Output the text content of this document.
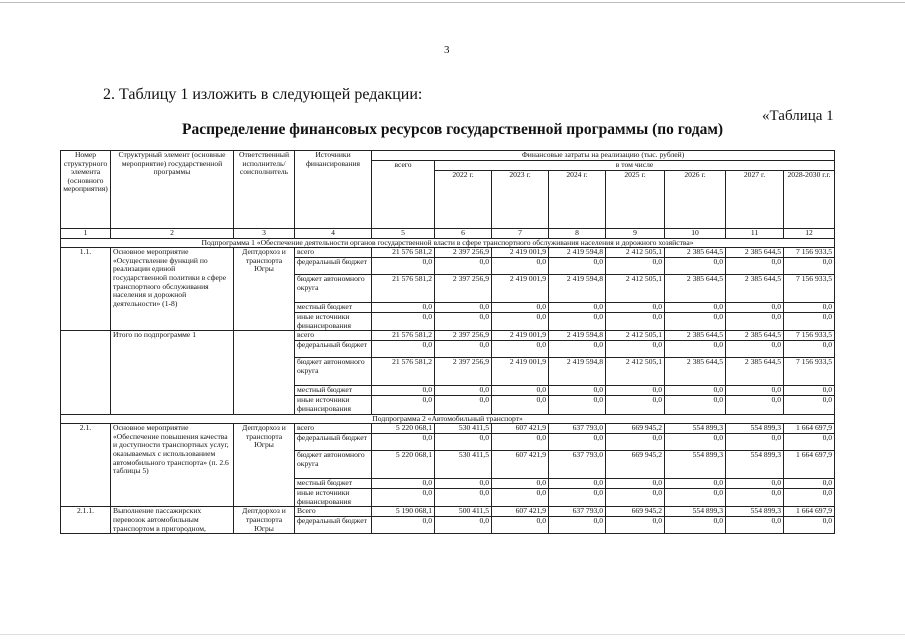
3
2. Таблицу 1 изложить в следующей редакции:
«Таблица 1
Распределение финансовых ресурсов государственной программы (по годам)
Номер структурного элемента (основного мероприятия)	Структурный элемент (основные мероприятие) государственной программы	Ответственный исполнитель/ соисполнитель	Источники финансирования	Финансовые затраты на реализацию (тыс. рублей)							
				всего	в том числе						
					2022 г.	2023 г.	2024 г.	2025 г.	2026 г.	2027 г.	2028-2030 г.г.
1	2	3	4	5	6	7	8	9	10	11	12
Подпрограмма 1 «Обеспечение деятельности органов государственной власти в сфере транспортного обслуживания населения и дорожного хозяйства»											
1.1.	Основное мероприятие «Осуществление функций по реализации единой государственной политики в сфере транспортного обслуживания населения и дорожной деятельности» (1-8)	Дептдорхоз и транспорта Югры	всего	21 576 581,2	2 397 256,9	2 419 001,9	2 419 594,8	2 412 505,1	2 385 644,5	2 385 644,5	7 156 933,5
			федеральный бюджет	0,0	0,0	0,0	0,0	0,0	0,0	0,0	0,0
			бюджет автономного округа	21 576 581,2	2 397 256,9	2 419 001,9	2 419 594,8	2 412 505,1	2 385 644,5	2 385 644,5	7 156 933,5
			местный бюджет	0,0	0,0	0,0	0,0	0,0	0,0	0,0	0,0
			иные источники финансирования	0,0	0,0	0,0	0,0	0,0	0,0	0,0	0,0
	Итого по подпрограмме 1		всего	21 576 581,2	2 397 256,9	2 419 001,9	2 419 594,8	2 412 505,1	2 385 644,5	2 385 644,5	7 156 933,5
			федеральный бюджет	0,0	0,0	0,0	0,0	0,0	0,0	0,0	0,0
			бюджет автономного округа	21 576 581,2	2 397 256,9	2 419 001,9	2 419 594,8	2 412 505,1	2 385 644,5	2 385 644,5	7 156 933,5
			местный бюджет	0,0	0,0	0,0	0,0	0,0	0,0	0,0	0,0
			иные источники финансирования	0,0	0,0	0,0	0,0	0,0	0,0	0,0	0,0
Подпрограмма 2 «Автомобильный транспорт»											
2.1.	Основное мероприятие «Обеспечение повышения качества и доступности транспортных услуг, оказываемых с использованием автомобильного транспорта» (п. 2.6 таблицы 5)	Дептдорхоз и транспорта Югры	всего	5 220 068,1	530 411,5	607 421,9	637 793,0	669 945,2	554 899,3	554 899,3	1 664 697,9
			федеральный бюджет	0,0	0,0	0,0	0,0	0,0	0,0	0,0	0,0
			бюджет автономного округа	5 220 068,1	530 411,5	607 421,9	637 793,0	669 945,2	554 899,3	554 899,3	1 664 697,9
			местный бюджет	0,0	0,0	0,0	0,0	0,0	0,0	0,0	0,0
			иные источники финансирования	0,0	0,0	0,0	0,0	0,0	0,0	0,0	0,0
2.1.1.	Выполнение пассажирских перевозок автомобильным транспортом в пригородном,	Дептдорхоз и транспорта Югры	Всего	5 190 068,1	500 411,5	607 421,9	637 793,0	669 945,2	554 899,3	554 899,3	1 664 697,9
			федеральный бюджет	0,0	0,0	0,0	0,0	0,0	0,0	0,0	0,0
